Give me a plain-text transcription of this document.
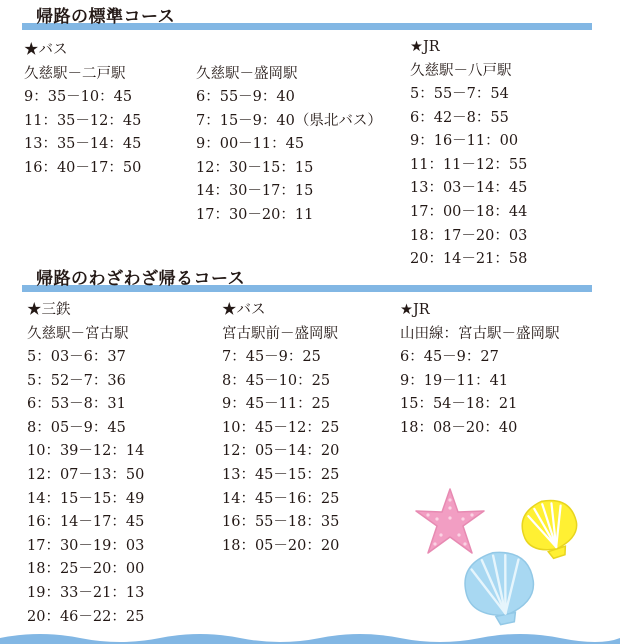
帰路の標準コース
★バス
久慈駅－二戸駅
9：35－10：45
11：35－12：45
13：35－14：45
16：40－17：50
久慈駅－盛岡駅
6：55－9：40
7：15－9：40（県北バス）
9：00－11：45
12：30－15：15
14：30－17：15
17：30－20：11
★JR
久慈駅－八戸駅
5：55－7：54
6：42－8：55
9：16－11：00
11：11－12：55
13：03－14：45
17：00－18：44
18：17－20：03
20：14－21：58
帰路のわざわざ帰るコース
★三鉄
久慈駅－宮古駅
5：03－6：37
5：52－7：36
6：53－8：31
8：05－9：45
10：39－12：14
12：07－13：50
14：15－15：49
16：14－17：45
17：30－19：03
18：25－20：00
19：33－21：13
20：46－22：25
★バス
宮古駅前－盛岡駅
7：45－9：25
8：45－10：25
9：45－11：25
10：45－12：25
12：05－14：20
13：45－15：25
14：45－16：25
16：55－18：35
18：05－20：20
★JR
山田線：宮古駅－盛岡駅
6：45－9：27
9：19－11：41
15：54－18：21
18：08－20：40
